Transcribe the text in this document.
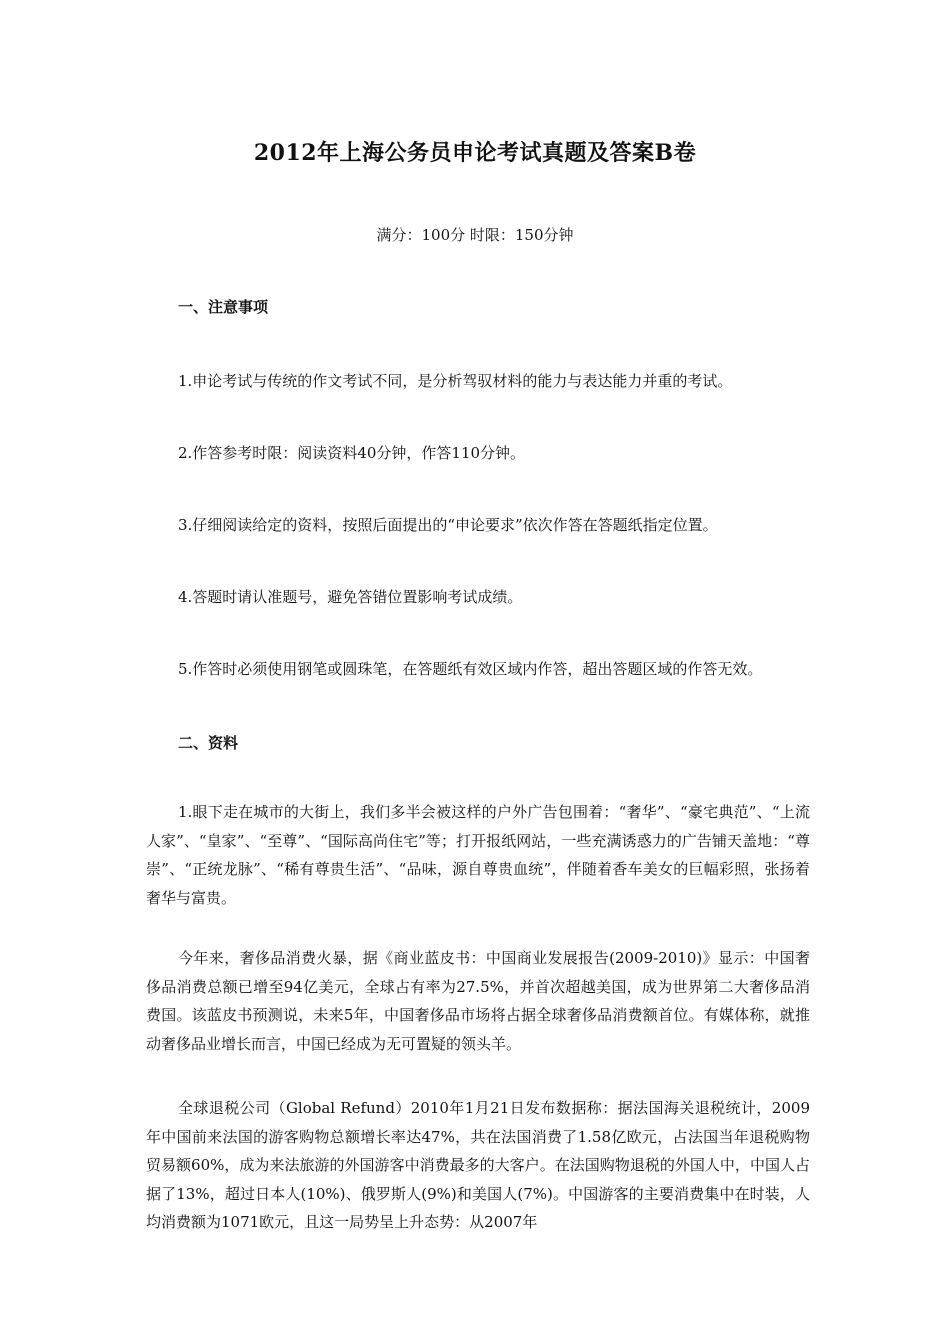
2012年上海公务员申论考试真题及答案B卷
满分：100分 时限：150分钟
一、注意事项
1.申论考试与传统的作文考试不同，是分析驾驭材料的能力与表达能力并重的考试。
2.作答参考时限：阅读资料40分钟，作答110分钟。
3.仔细阅读给定的资料，按照后面提出的“申论要求”依次作答在答题纸指定位置。
4.答题时请认准题号，避免答错位置影响考试成绩。
5.作答时必须使用钢笔或圆珠笔，在答题纸有效区域内作答，超出答题区域的作答无效。
二、资料
1.眼下走在城市的大街上，我们多半会被这样的户外广告包围着：“奢华”、“豪宅典范”、“上流人家”、“皇家”、“至尊”、“国际高尚住宅”等；打开报纸网站，一些充满诱惑力的广告铺天盖地：“尊崇”、“正统龙脉”、“稀有尊贵生活”、“品味，源自尊贵血统”，伴随着香车美女的巨幅彩照，张扬着奢华与富贵。
今年来，奢侈品消费火暴，据《商业蓝皮书：中国商业发展报告(2009-2010)》显示：中国奢侈品消费总额已增至94亿美元，全球占有率为27.5%，并首次超越美国，成为世界第二大奢侈品消费国。该蓝皮书预测说，未来5年，中国奢侈品市场将占据全球奢侈品消费额首位。有媒体称，就推动奢侈品业增长而言，中国已经成为无可置疑的领头羊。
全球退税公司（Global Refund）2010年1月21日发布数据称：据法国海关退税统计，2009年中国前来法国的游客购物总额增长率达47%，共在法国消费了1.58亿欧元，占法国当年退税购物贸易额60%，成为来法旅游的外国游客中消费最多的大客户。在法国购物退税的外国人中，中国人占据了13%，超过日本人(10%)、俄罗斯人(9%)和美国人(7%)。中国游客的主要消费集中在时装，人均消费额为1071欧元，且这一局势呈上升态势：从2007年
